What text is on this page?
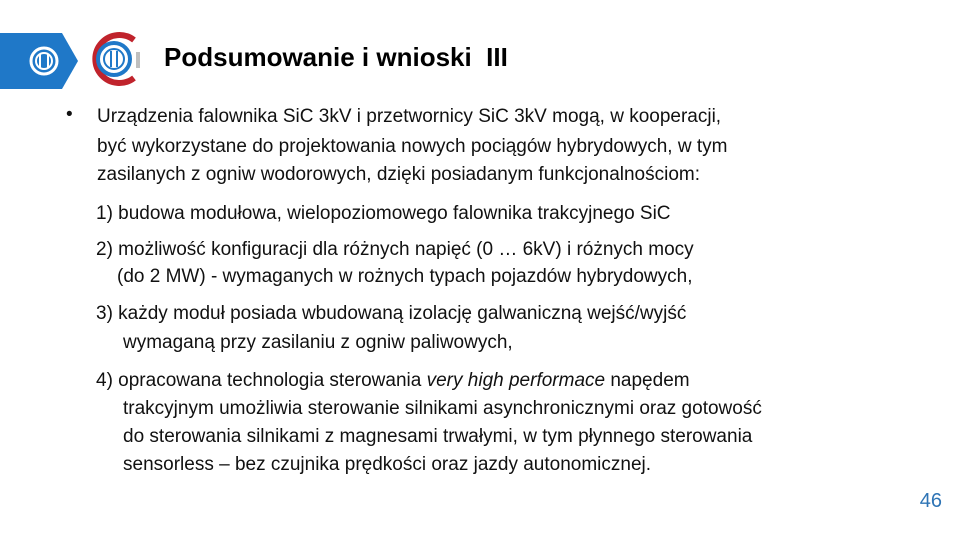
Podsumowanie i wnioski  III
• Urządzenia falownika SiC 3kV i przetwornicy SiC 3kV mogą, w kooperacji,
być wykorzystane do projektowania nowych pociągów hybrydowych, w tym
zasilanych z ogniw wodorowych, dzięki posiadanym funkcjonalnościom:
1) budowa modułowa, wielopoziomowego falownika trakcyjnego SiC
2) możliwość konfiguracji dla różnych napięć (0 … 6kV) i różnych mocy
(do 2 MW) - wymaganych w rożnych typach pojazdów hybrydowych,
3) każdy moduł posiada wbudowaną izolację galwaniczną wejść/wyjść
wymaganą przy zasilaniu z ogniw paliwowych,
4) opracowana technologia sterowania very high performace napędem
trakcyjnym umożliwia sterowanie silnikami asynchronicznymi oraz gotowość
do sterowania silnikami z magnesami trwałymi, w tym płynnego sterowania
sensorless – bez czujnika prędkości oraz jazdy autonomicznej.
46
